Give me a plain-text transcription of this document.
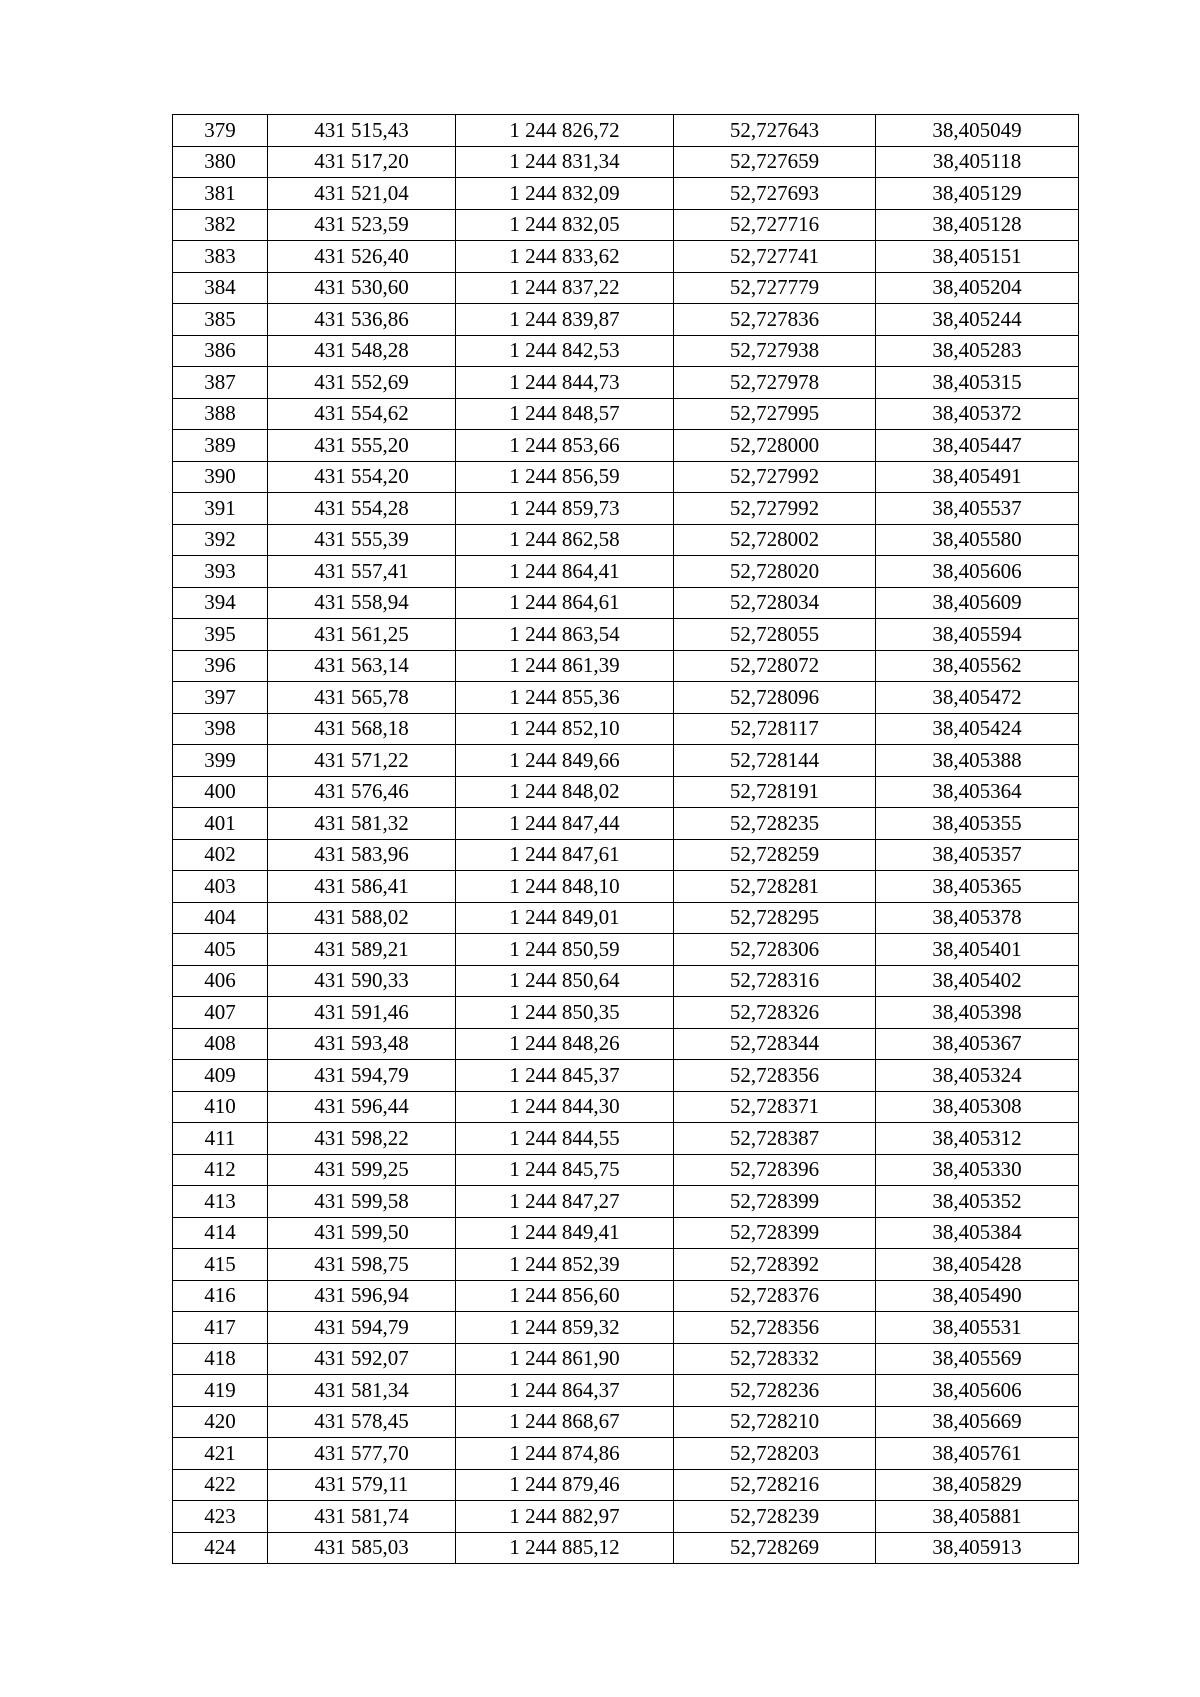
379	431 515,43	1 244 826,72	52,727643	38,405049
380	431 517,20	1 244 831,34	52,727659	38,405118
381	431 521,04	1 244 832,09	52,727693	38,405129
382	431 523,59	1 244 832,05	52,727716	38,405128
383	431 526,40	1 244 833,62	52,727741	38,405151
384	431 530,60	1 244 837,22	52,727779	38,405204
385	431 536,86	1 244 839,87	52,727836	38,405244
386	431 548,28	1 244 842,53	52,727938	38,405283
387	431 552,69	1 244 844,73	52,727978	38,405315
388	431 554,62	1 244 848,57	52,727995	38,405372
389	431 555,20	1 244 853,66	52,728000	38,405447
390	431 554,20	1 244 856,59	52,727992	38,405491
391	431 554,28	1 244 859,73	52,727992	38,405537
392	431 555,39	1 244 862,58	52,728002	38,405580
393	431 557,41	1 244 864,41	52,728020	38,405606
394	431 558,94	1 244 864,61	52,728034	38,405609
395	431 561,25	1 244 863,54	52,728055	38,405594
396	431 563,14	1 244 861,39	52,728072	38,405562
397	431 565,78	1 244 855,36	52,728096	38,405472
398	431 568,18	1 244 852,10	52,728117	38,405424
399	431 571,22	1 244 849,66	52,728144	38,405388
400	431 576,46	1 244 848,02	52,728191	38,405364
401	431 581,32	1 244 847,44	52,728235	38,405355
402	431 583,96	1 244 847,61	52,728259	38,405357
403	431 586,41	1 244 848,10	52,728281	38,405365
404	431 588,02	1 244 849,01	52,728295	38,405378
405	431 589,21	1 244 850,59	52,728306	38,405401
406	431 590,33	1 244 850,64	52,728316	38,405402
407	431 591,46	1 244 850,35	52,728326	38,405398
408	431 593,48	1 244 848,26	52,728344	38,405367
409	431 594,79	1 244 845,37	52,728356	38,405324
410	431 596,44	1 244 844,30	52,728371	38,405308
411	431 598,22	1 244 844,55	52,728387	38,405312
412	431 599,25	1 244 845,75	52,728396	38,405330
413	431 599,58	1 244 847,27	52,728399	38,405352
414	431 599,50	1 244 849,41	52,728399	38,405384
415	431 598,75	1 244 852,39	52,728392	38,405428
416	431 596,94	1 244 856,60	52,728376	38,405490
417	431 594,79	1 244 859,32	52,728356	38,405531
418	431 592,07	1 244 861,90	52,728332	38,405569
419	431 581,34	1 244 864,37	52,728236	38,405606
420	431 578,45	1 244 868,67	52,728210	38,405669
421	431 577,70	1 244 874,86	52,728203	38,405761
422	431 579,11	1 244 879,46	52,728216	38,405829
423	431 581,74	1 244 882,97	52,728239	38,405881
424	431 585,03	1 244 885,12	52,728269	38,405913
